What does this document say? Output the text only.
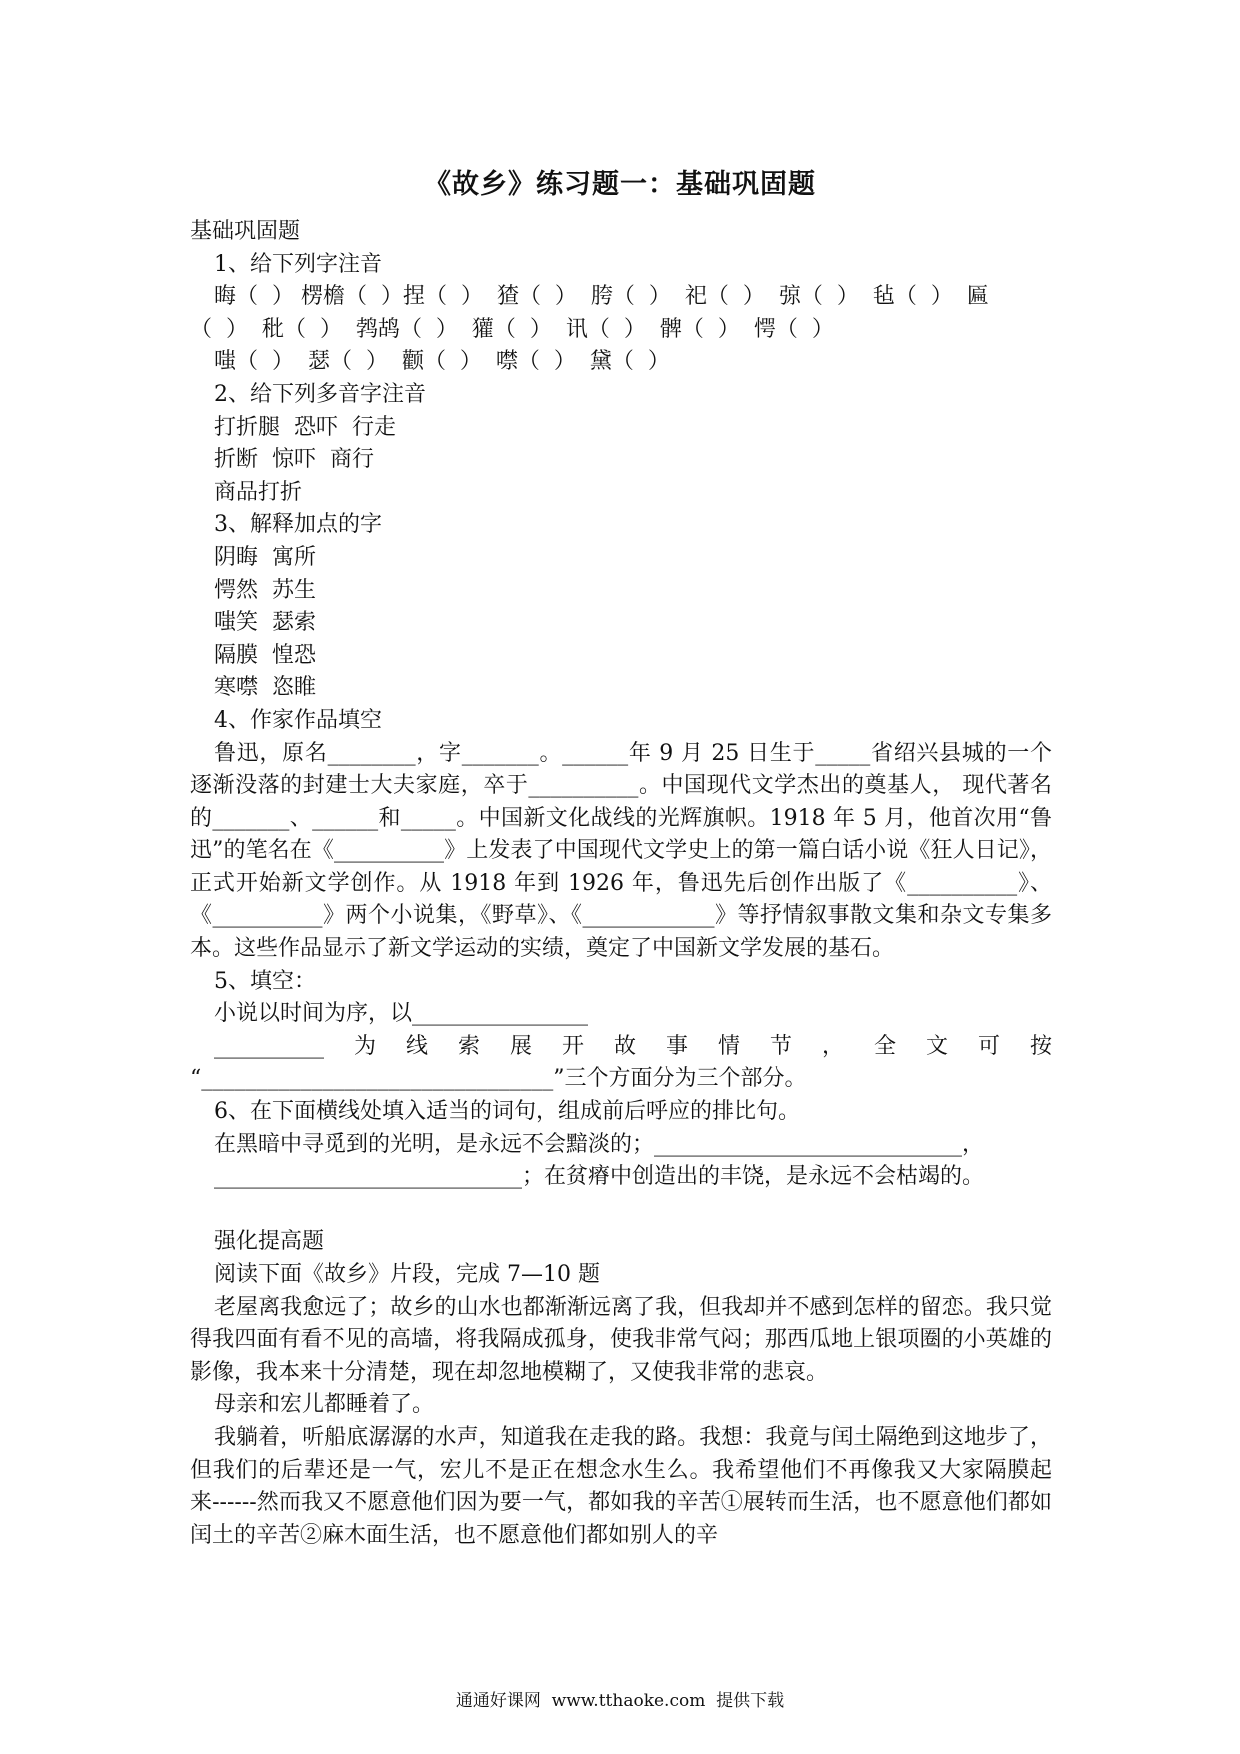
《故乡》练习题一：基础巩固题
基础巩固题
1、给下列字注音
晦（  ） 楞檐（  ）捏（  ）  猹（  ）  胯（  ）  祀（  ）  弶（  ）  毡（  ）  匾
（  ）  秕（  ）  鹁鸪（  ）  獾（  ）  讯（  ）  髀（  ）  愕（  ）
嗤（  ）  瑟（  ）  颧（  ）  噤（  ）  黛（  ）
2、给下列多音字注音
打折腿  恐吓  行走
折断  惊吓  商行
商品打折
3、解释加点的字
阴晦  寓所
愕然  苏生
嗤笑  瑟索
隔膜  惶恐
寒噤  恣睢
4、作家作品填空
鲁迅，原名________，字_______。______年 9 月 25 日生于_____省绍兴县城的一个逐渐没落的封建士大夫家庭，卒于__________。中国现代文学杰出的奠基人， 现代著名的_______、______和_____。中国新文化战线的光辉旗帜。1918 年 5 月，他首次用“鲁迅”的笔名在《__________》上发表了中国现代文学史上的第一篇白话小说《狂人日记》，正式开始新文学创作。从 1918 年到 1926 年，鲁迅先后创作出版了《__________》、《__________》两个小说集，《野草》、《____________》等抒情叙事散文集和杂文专集多本。这些作品显示了新文学运动的实绩，奠定了中国新文学发展的基石。
5、填空：
小说以时间为序，以________________
__________ 为 线 索 展 开 故 事 情 节 ， 全 文 可 按
“________________________________”三个方面分为三个部分。
6、在下面横线处填入适当的词句，组成前后呼应的排比句。
在黑暗中寻觅到的光明，是永远不会黯淡的；____________________________，
____________________________；在贫瘠中创造出的丰饶，是永远不会枯竭的。
强化提高题
阅读下面《故乡》片段，完成 7—10 题
老屋离我愈远了；故乡的山水也都渐渐远离了我，但我却并不感到怎样的留恋。我只觉得我四面有看不见的高墙，将我隔成孤身，使我非常气闷；那西瓜地上银项圈的小英雄的影像，我本来十分清楚，现在却忽地模糊了，又使我非常的悲哀。
母亲和宏儿都睡着了。
我躺着，听船底潺潺的水声，知道我在走我的路。我想：我竟与闰土隔绝到这地步了，但我们的后辈还是一气，宏儿不是正在想念水生么。我希望他们不再像我又大家隔膜起来------然而我又不愿意他们因为要一气，都如我的辛苦①展转而生活，也不愿意他们都如闰土的辛苦②麻木面生活，也不愿意他们都如别人的辛
通通好课网  www.tthaoke.com  提供下载
